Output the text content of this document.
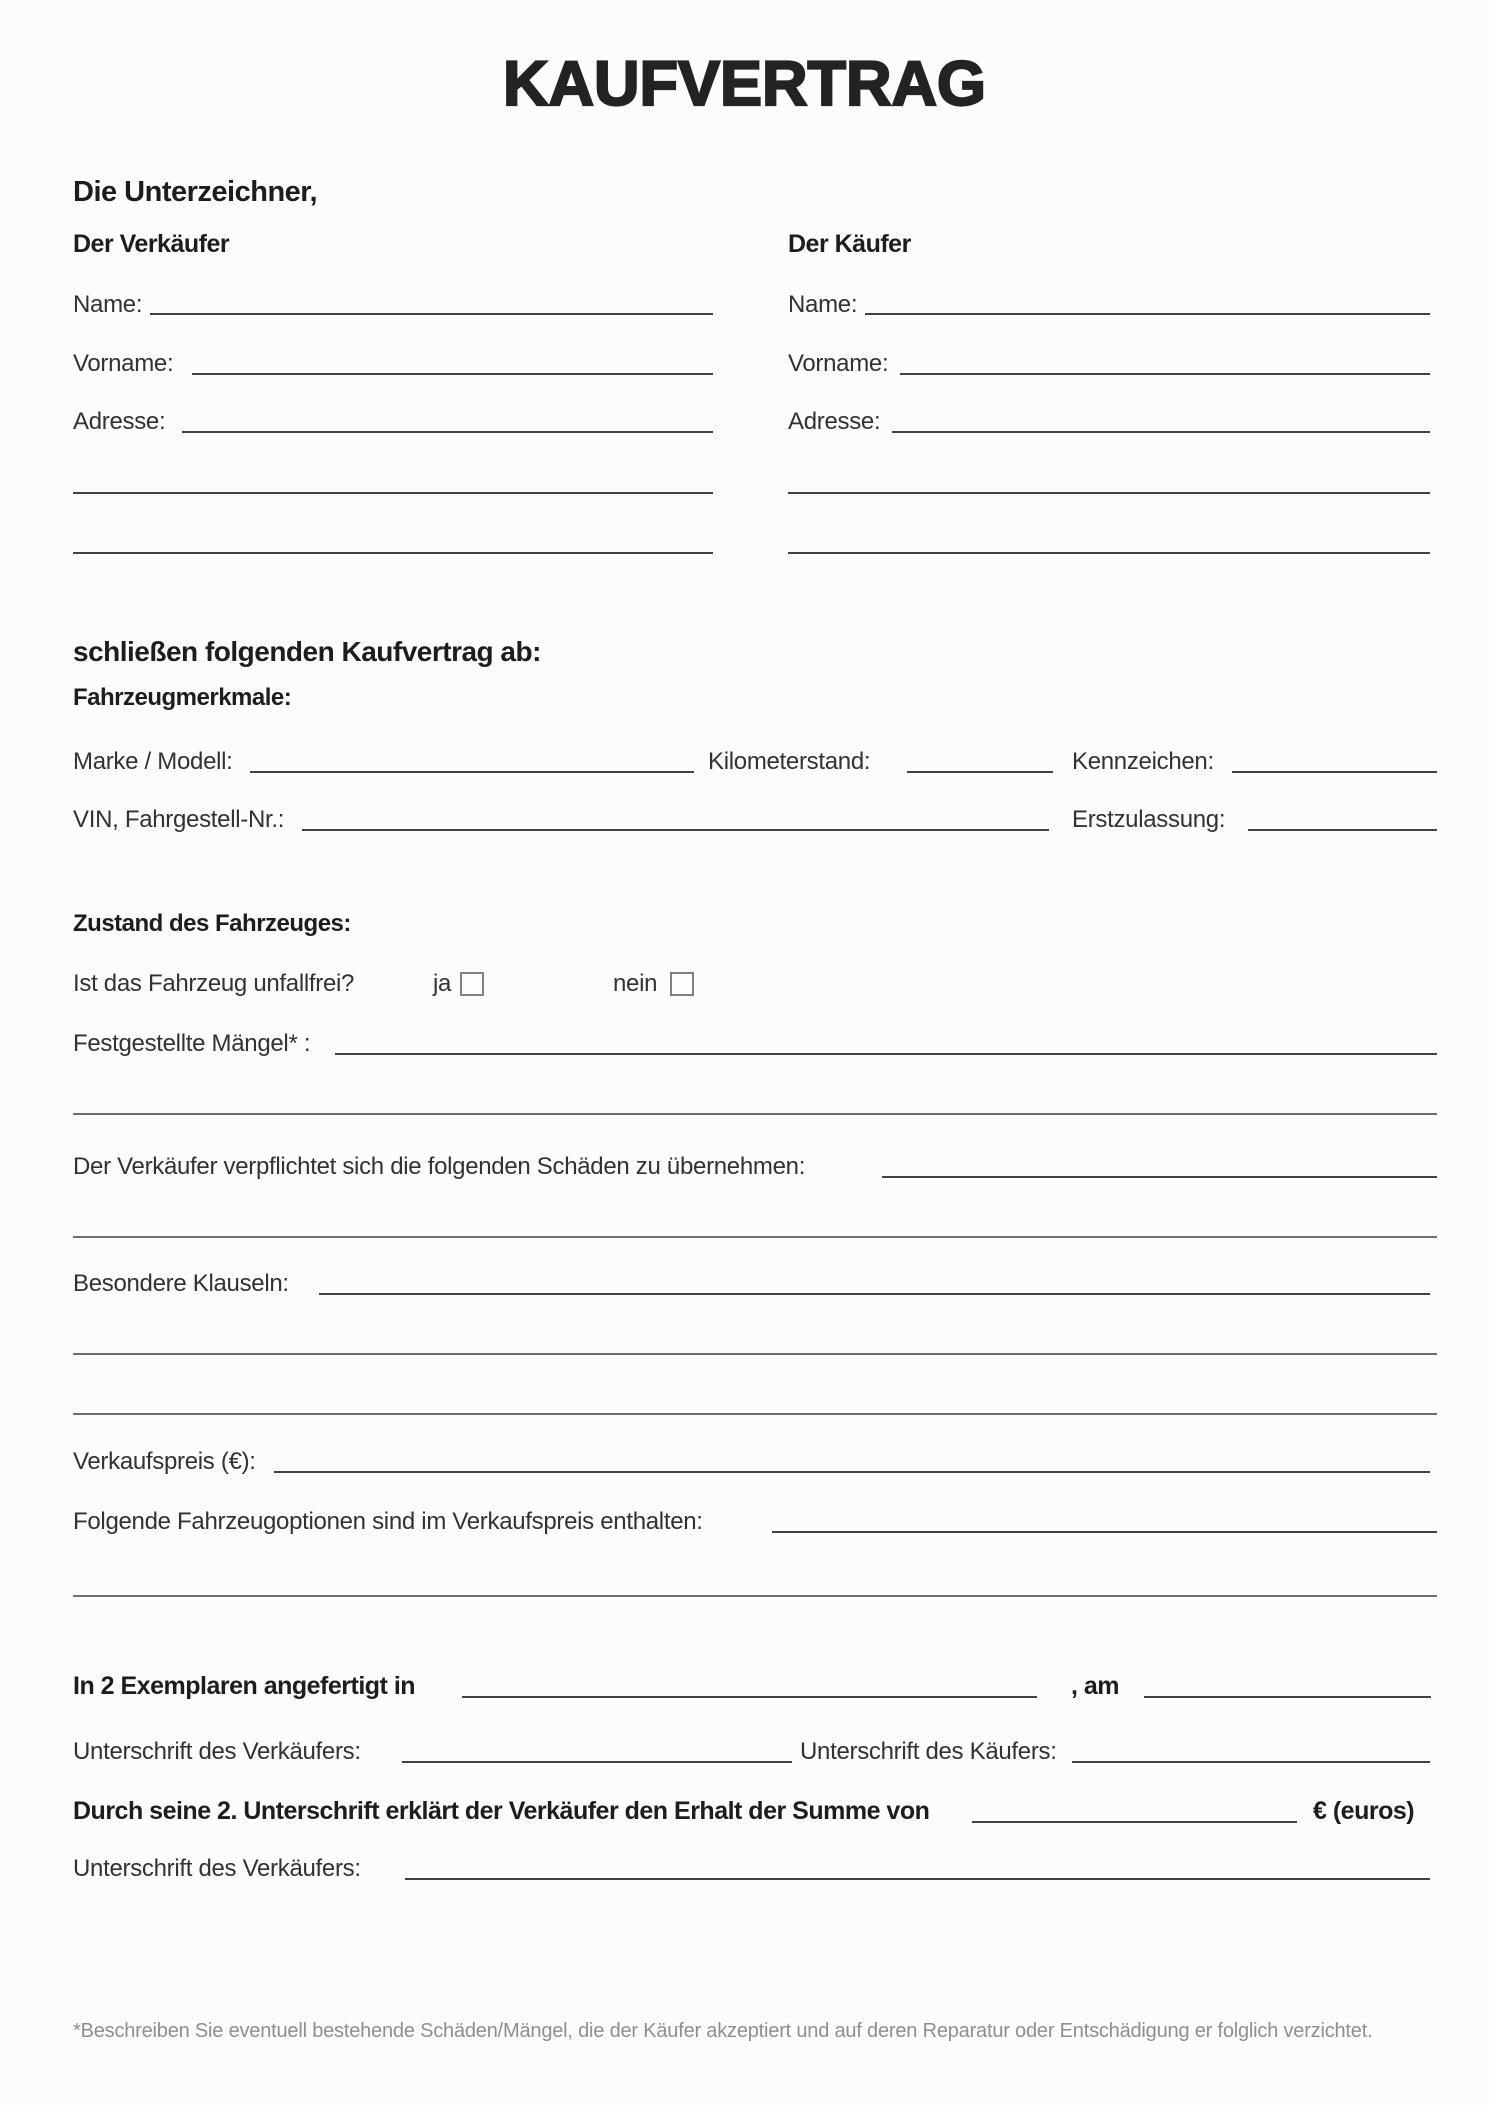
KAUFVERTRAG
Die Unterzeichner,
Der Verkäufer
Name:
Vorname:
Adresse:
Der Käufer
Name:
Vorname:
Adresse:
schließen folgenden Kaufvertrag ab:
Fahrzeugmerkmale:
Marke / Modell:	Kilometerstand:	Kennzeichen:
VIN, Fahrgestell-Nr.:	Erstzulassung:
Zustand des Fahrzeuges:
Ist das Fahrzeug unfallfrei?	ja	nein
Festgestellte Mängel* :
Der Verkäufer verpflichtet sich die folgenden Schäden zu übernehmen:
Besondere Klauseln:
Verkaufspreis (€):
Folgende Fahrzeugoptionen sind im Verkaufspreis enthalten:
In 2 Exemplaren angefertigt in	, am
Unterschrift des Verkäufers:	Unterschrift des Käufers:
Durch seine 2. Unterschrift erklärt der Verkäufer den Erhalt der Summe von	€ (euros)
Unterschrift des Verkäufers:
*Beschreiben Sie eventuell bestehende Schäden/Mängel, die der Käufer akzeptiert und auf deren Reparatur oder Entschädigung er folglich verzichtet.
